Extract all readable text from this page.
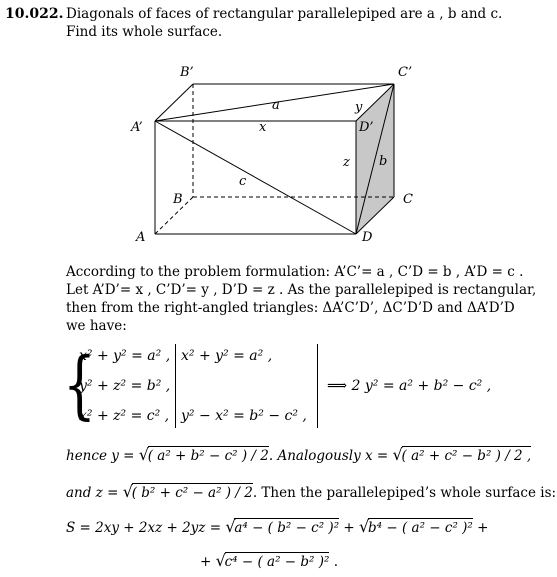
10.022. Diagonals of faces of rectangular parallelepiped are a , b and c.
Find its whole surface.
B’	C’
A’	D’
B	C
A	D
a
x
y
z b
c
According to the problem formulation: A’C’= a , C’D = b , A’D = c .
Let A’D’= x , C’D’= y , D’D = z . As the parallelepiped is rectangular,
then from the right-angled triangles: ΔA’C’D’, ΔC’D’D and ΔA’D’D
we have:
{
x² + y² = a² ,
y² + z² = b² ,
x² + z² = c² ,
x² + y² = a² ,
y² − x² = b² − c² ,
⟹ 2 y² = a² + b² − c² ,
hence y = √
( a² + b² − c² ) / 2. Analogously x = √
( a² + c² − b² ) / 2 ,
and z = √
( b² + c² − a² ) / 2. Then the parallelepiped’s whole surface is:
S = 2xy + 2xz + 2yz = √
a⁴ − ( b² − c² )² + √
b⁴ − ( a² − c² )² +
+ √
c⁴ − ( a² − b² )² .
